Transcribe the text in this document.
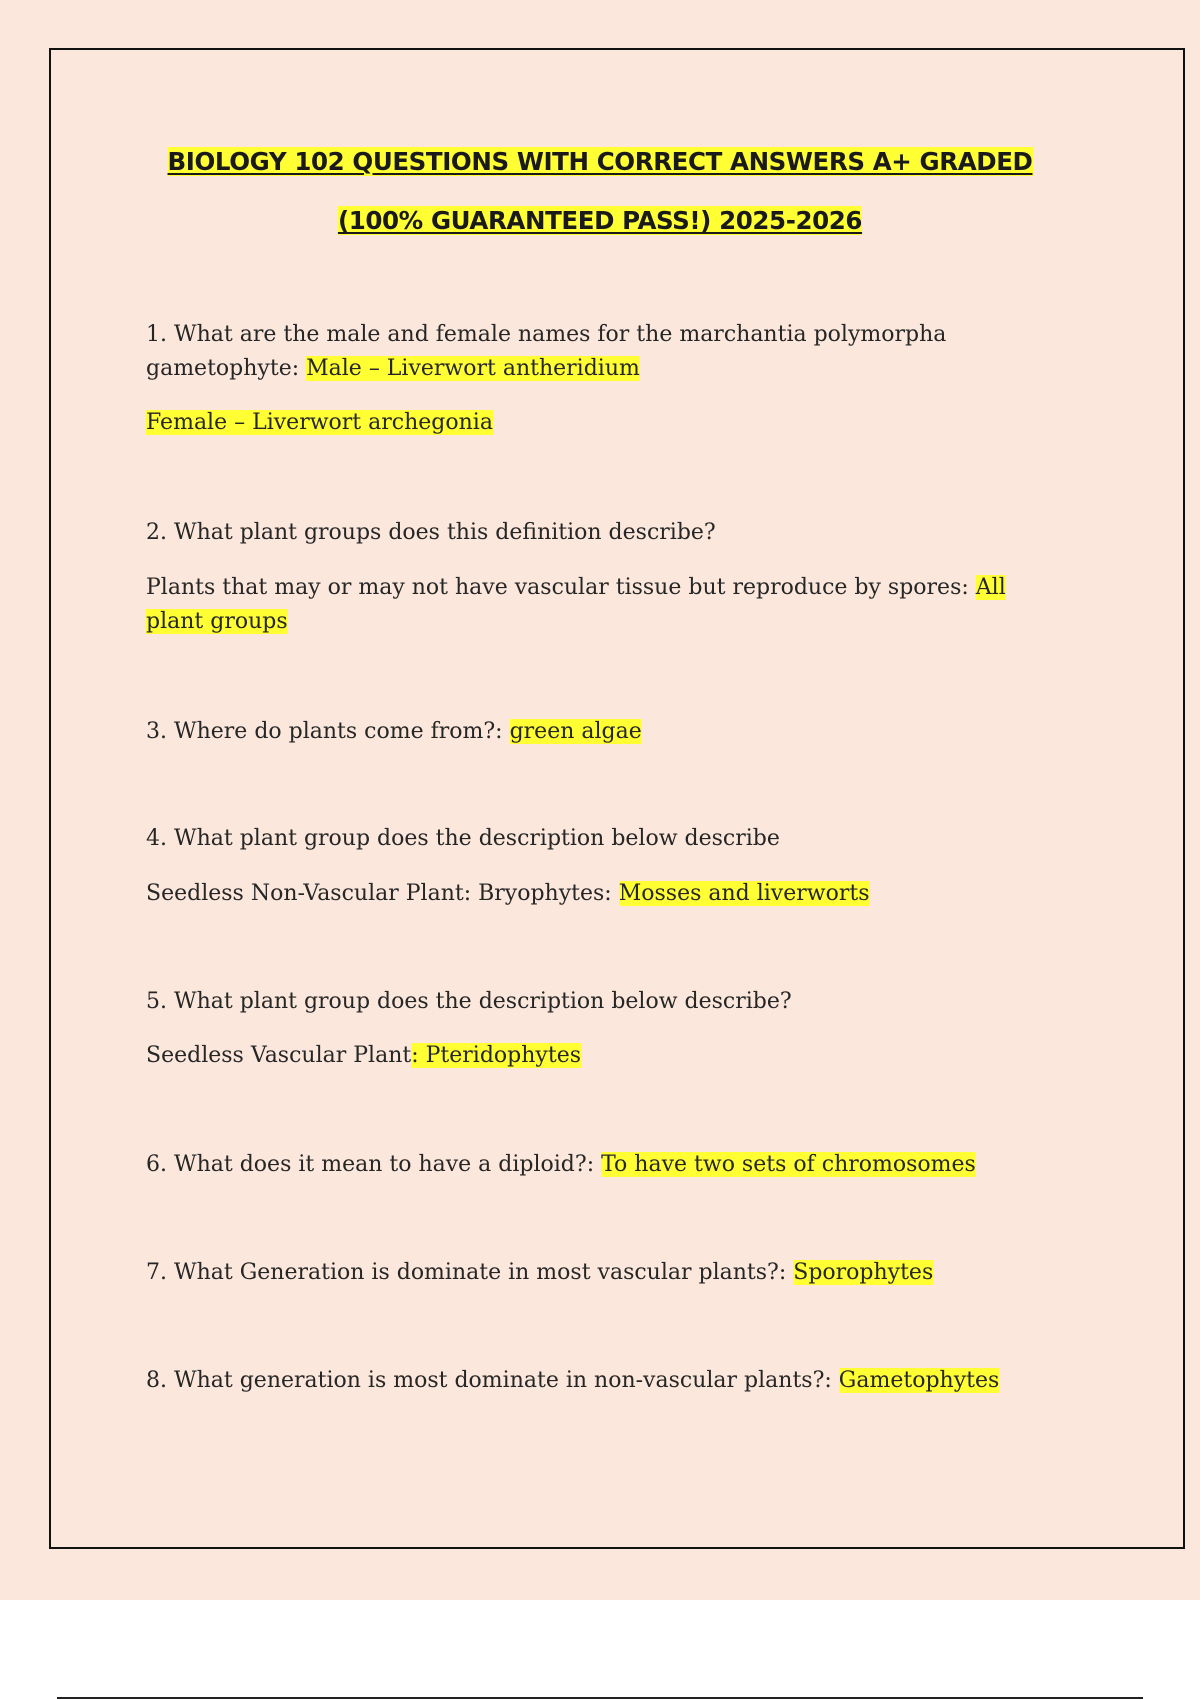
BIOLOGY 102 QUESTIONS WITH CORRECT ANSWERS A+ GRADED
(100% GUARANTEED PASS!) 2025-2026
1. What are the male and female names for the marchantia polymorpha
gametophyte: Male – Liverwort antheridium
Female – Liverwort archegonia
2. What plant groups does this definition describe?
Plants that may or may not have vascular tissue but reproduce by spores: All
plant groups
3. Where do plants come from?: green algae
4. What plant group does the description below describe
Seedless Non-Vascular Plant: Bryophytes: Mosses and liverworts
5. What plant group does the description below describe?
Seedless Vascular Plant: Pteridophytes
6. What does it mean to have a diploid?: To have two sets of chromosomes
7. What Generation is dominate in most vascular plants?: Sporophytes
8. What generation is most dominate in non-vascular plants?: Gametophytes
